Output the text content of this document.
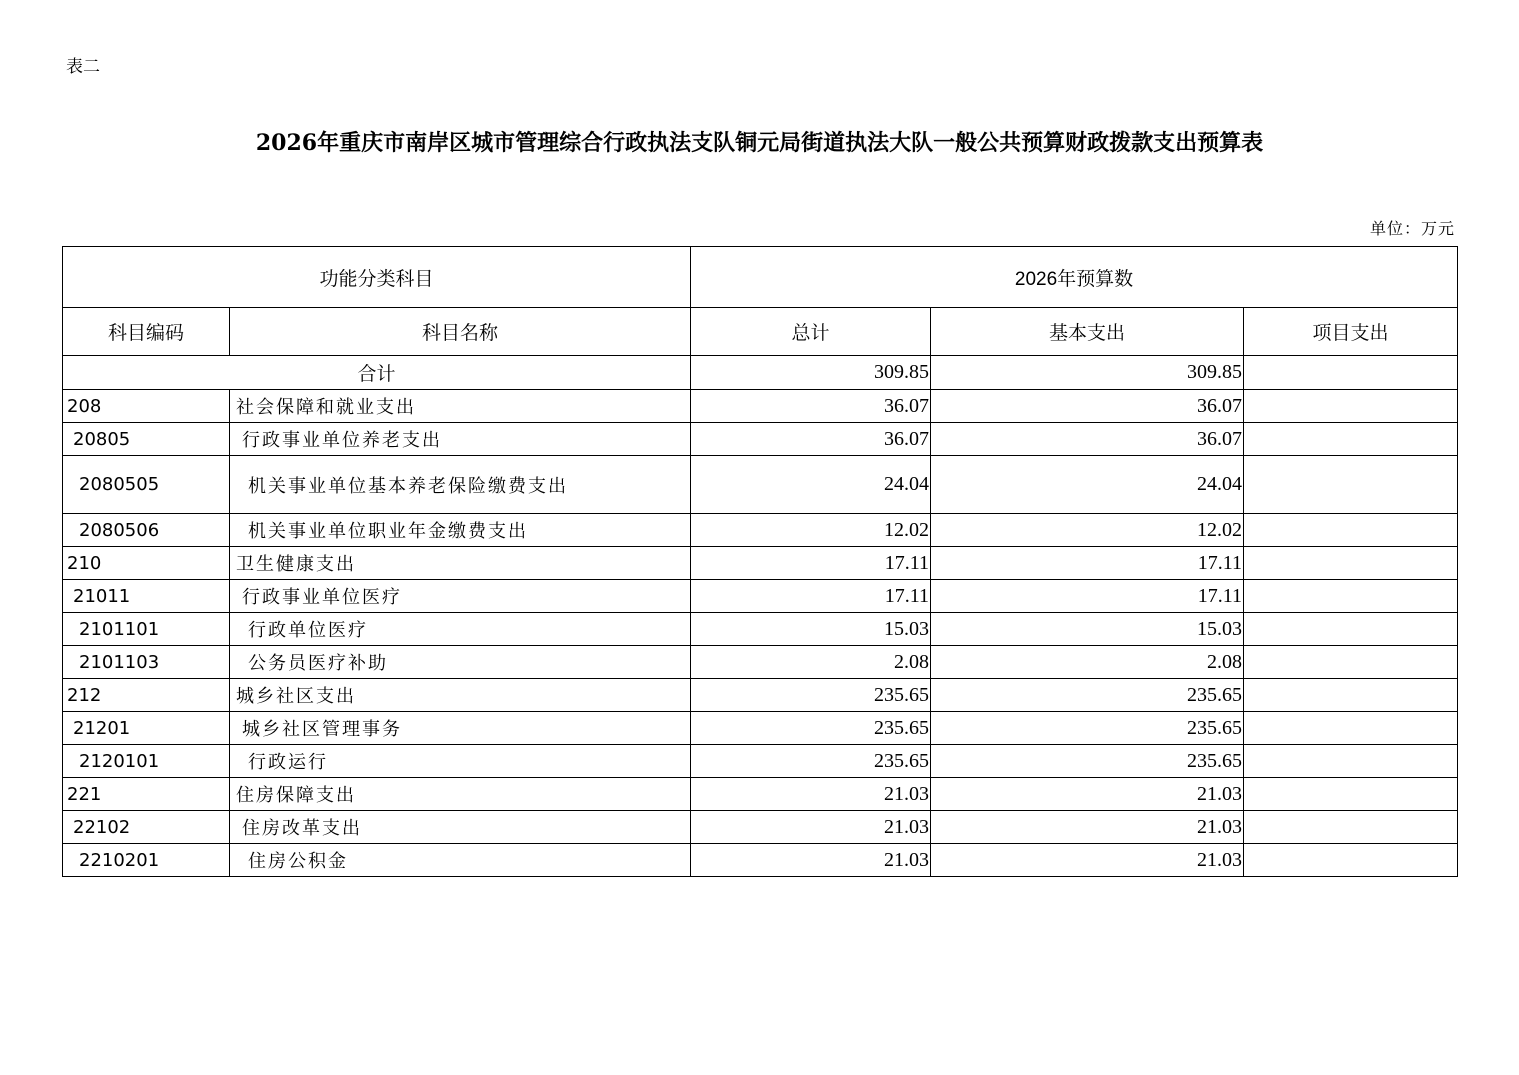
表二
2026年重庆市南岸区城市管理综合行政执法支队铜元局街道执法大队一般公共预算财政拨款支出预算表
单位：万元
功能分类科目		2026年预算数		
科目编码	科目名称	总计	基本支出	项目支出
合计		309.85	309.85	
208	社会保障和就业支出	36.07	36.07	
20805	行政事业单位养老支出	36.07	36.07	
2080505	机关事业单位基本养老保险缴费支出	24.04	24.04	
2080506	机关事业单位职业年金缴费支出	12.02	12.02	
210	卫生健康支出	17.11	17.11	
21011	行政事业单位医疗	17.11	17.11	
2101101	行政单位医疗	15.03	15.03	
2101103	公务员医疗补助	2.08	2.08	
212	城乡社区支出	235.65	235.65	
21201	城乡社区管理事务	235.65	235.65	
2120101	行政运行	235.65	235.65	
221	住房保障支出	21.03	21.03	
22102	住房改革支出	21.03	21.03	
2210201	住房公积金	21.03	21.03	
